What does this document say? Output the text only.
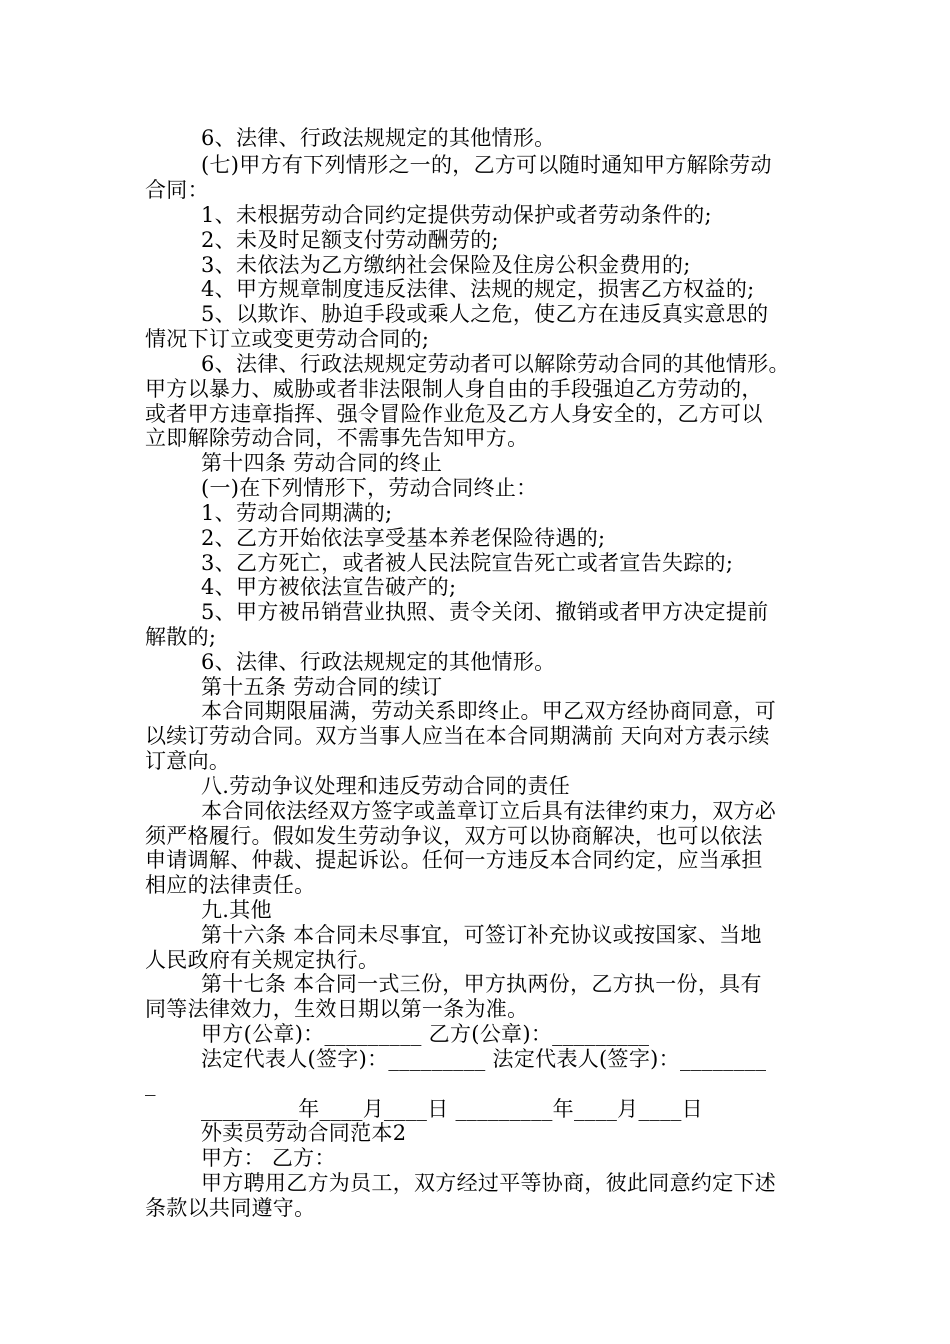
6、法律、行政法规规定的其他情形。
(七)甲方有下列情形之一的，乙方可以随时通知甲方解除劳动
合同：
1、未根据劳动合同约定提供劳动保护或者劳动条件的;
2、未及时足额支付劳动酬劳的;
3、未依法为乙方缴纳社会保险及住房公积金费用的;
4、甲方规章制度违反法律、法规的规定，损害乙方权益的;
5、以欺诈、胁迫手段或乘人之危，使乙方在违反真实意思的
情况下订立或变更劳动合同的;
6、法律、行政法规规定劳动者可以解除劳动合同的其他情形。
甲方以暴力、威胁或者非法限制人身自由的手段强迫乙方劳动的，
或者甲方违章指挥、强令冒险作业危及乙方人身安全的，乙方可以
立即解除劳动合同，不需事先告知甲方。
第十四条 劳动合同的终止
(一)在下列情形下，劳动合同终止：
1、劳动合同期满的;
2、乙方开始依法享受基本养老保险待遇的;
3、乙方死亡，或者被人民法院宣告死亡或者宣告失踪的;
4、甲方被依法宣告破产的;
5、甲方被吊销营业执照、责令关闭、撤销或者甲方决定提前
解散的;
6、法律、行政法规规定的其他情形。
第十五条 劳动合同的续订
本合同期限届满，劳动关系即终止。甲乙双方经协商同意，可
以续订劳动合同。双方当事人应当在本合同期满前 天向对方表示续
订意向。
八.劳动争议处理和违反劳动合同的责任
本合同依法经双方签字或盖章订立后具有法律约束力，双方必
须严格履行。假如发生劳动争议，双方可以协商解决，也可以依法
申请调解、仲裁、提起诉讼。任何一方违反本合同约定，应当承担
相应的法律责任。
九.其他
第十六条 本合同未尽事宜，可签订补充协议或按国家、当地
人民政府有关规定执行。
第十七条 本合同一式三份，甲方执两份，乙方执一份，具有
同等法律效力，生效日期以第一条为准。
甲方(公章)：_________ 乙方(公章)：_________
法定代表人(签字)：_________ 法定代表人(签字)：________
_
_________年____月____日 _________年____月____日
外卖员劳动合同范本2
甲方： 乙方：
甲方聘用乙方为员工，双方经过平等协商，彼此同意约定下述
条款以共同遵守。
